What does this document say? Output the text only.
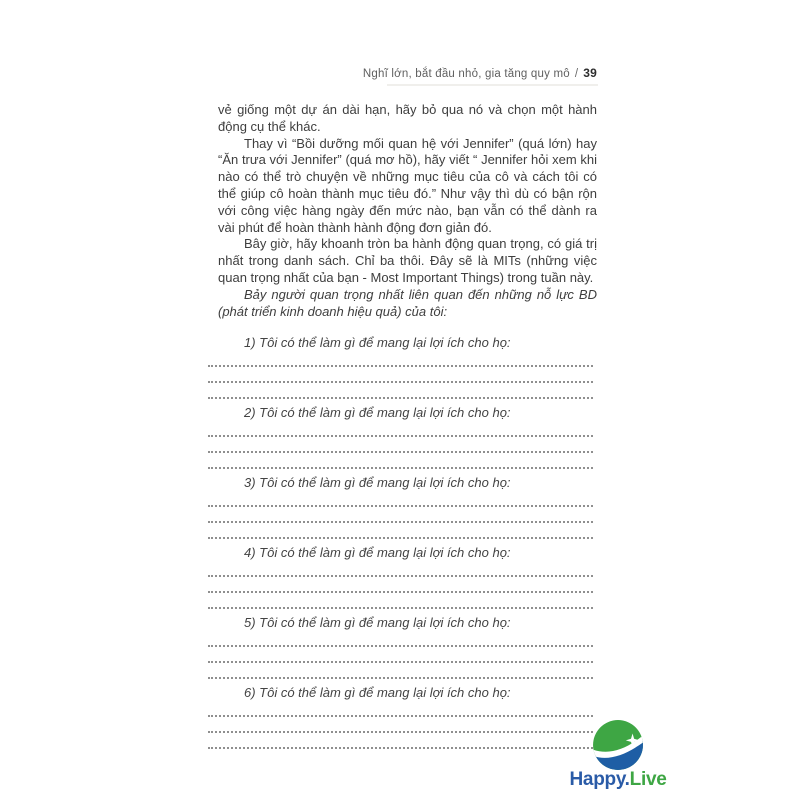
Nghĩ lớn, bắt đầu nhỏ, gia tăng quy mô / 39

vẻ giống một dự án dài hạn, hãy bỏ qua nó và chọn một hành động cụ thể khác.

Thay vì “Bồi dưỡng mối quan hệ với Jennifer” (quá lớn) hay “Ăn trưa với Jennifer” (quá mơ hồ), hãy viết “ Jennifer hỏi xem khi nào có thể trò chuyện về những mục tiêu của cô và cách tôi có thể giúp cô hoàn thành mục tiêu đó.” Như vậy thì dù có bận rộn với công việc hàng ngày đến mức nào, bạn vẫn có thể dành ra vài phút để hoàn thành hành động đơn giản đó.

Bây giờ, hãy khoanh tròn ba hành động quan trọng, có giá trị nhất trong danh sách. Chỉ ba thôi. Đây sẽ là MITs (những việc quan trọng nhất của bạn - Most Important Things) trong tuần này.

Bảy người quan trọng nhất liên quan đến những nỗ lực BD (phát triển kinh doanh hiệu quả) của tôi:

1) Tôi có thể làm gì để mang lại lợi ích cho họ:
2) Tôi có thể làm gì để mang lại lợi ích cho họ:
3) Tôi có thể làm gì để mang lại lợi ích cho họ:
4) Tôi có thể làm gì để mang lại lợi ích cho họ:
5) Tôi có thể làm gì để mang lại lợi ích cho họ:
6) Tôi có thể làm gì để mang lại lợi ích cho họ:
Happy.Live
